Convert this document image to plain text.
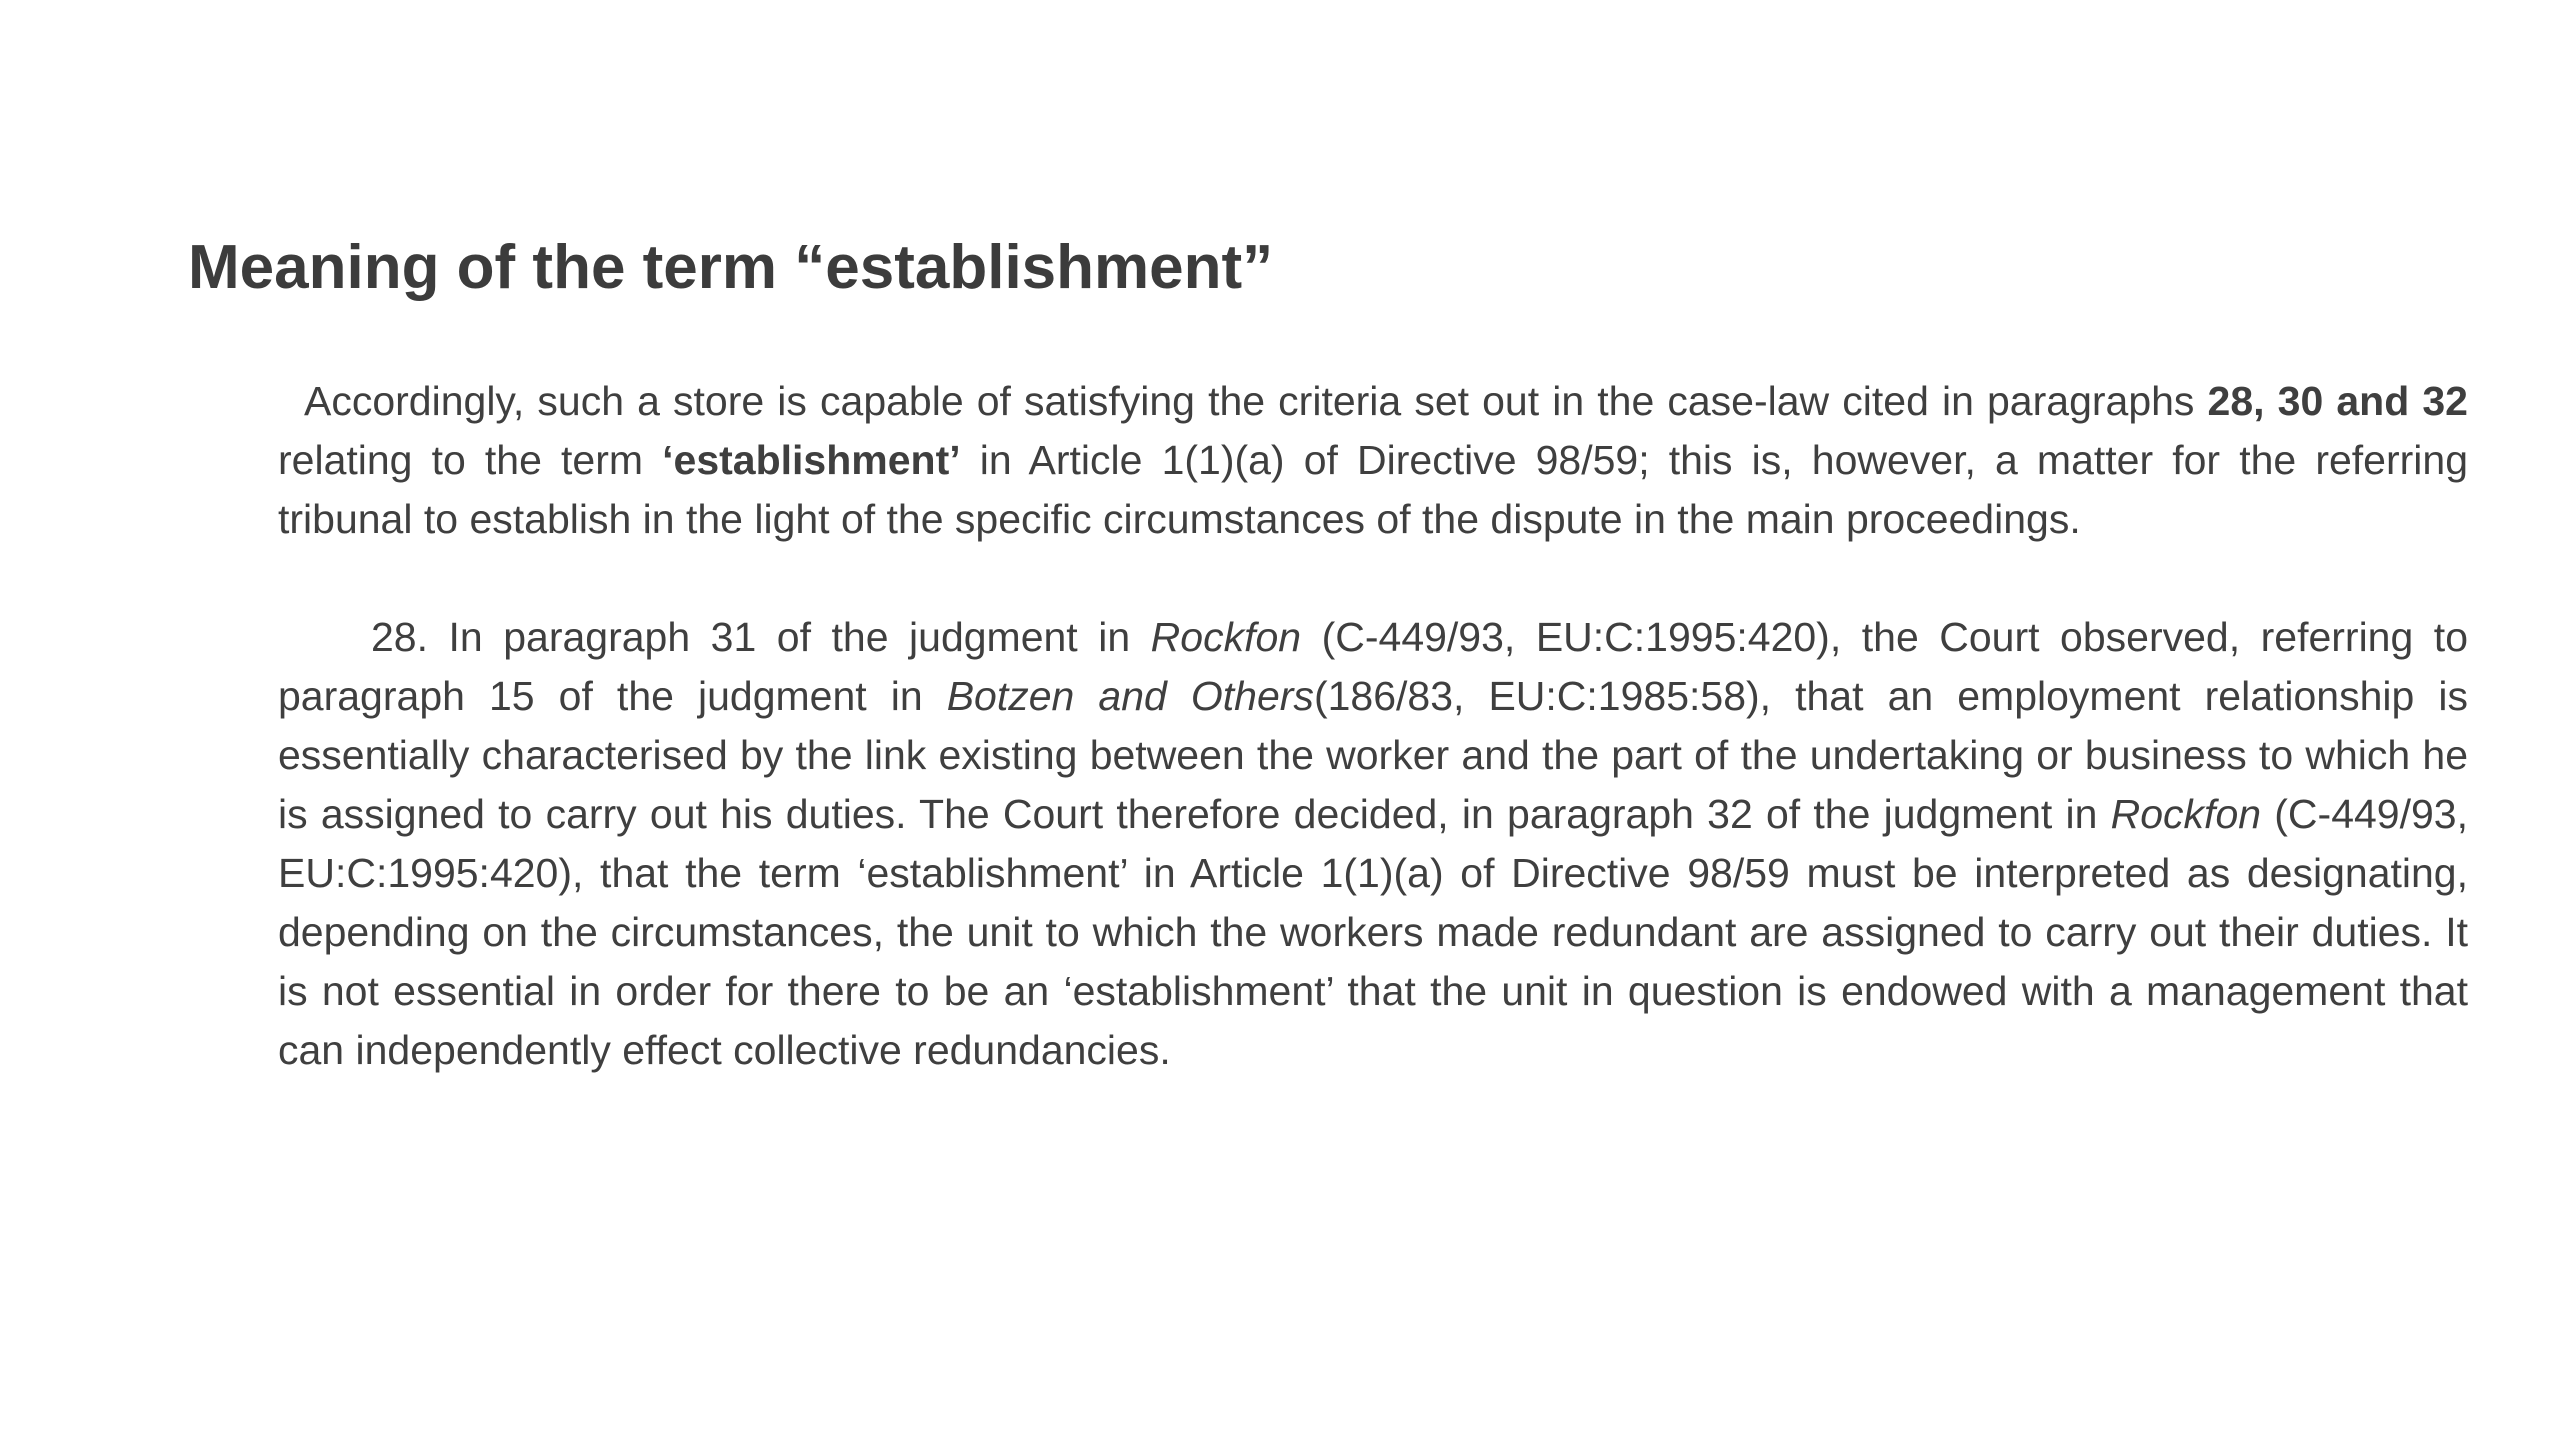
Meaning of the term “establishment”

Accordingly, such a store is capable of satisfying the criteria set out in the case-law cited in paragraphs 28, 30 and 32  relating to the term ‘establishment’ in Article 1(1)(a) of Directive 98/59; this is, however, a matter for the referring tribunal to establish in the light of the specific circumstances of the dispute in the main proceedings.

28. In paragraph 31 of the judgment in Rockfon (C-449/93, EU:C:1995:420), the Court observed, referring to paragraph 15 of the judgment in Botzen and Others(186/83, EU:C:1985:58), that an employment relationship is essentially characterised by the link existing between the worker and the part of the undertaking or business to which he is assigned to carry out his duties. The Court therefore decided, in paragraph 32 of the judgment in Rockfon (C-449/93, EU:C:1995:420), that the term ‘establishment’ in Article 1(1)(a) of Directive 98/59 must be interpreted as designating, depending on the circumstances, the unit to which the workers made redundant are assigned to carry out their duties. It is not essential in order for there to be an ‘establishment’ that the unit in question is endowed with a management that can independently effect collective redundancies.
